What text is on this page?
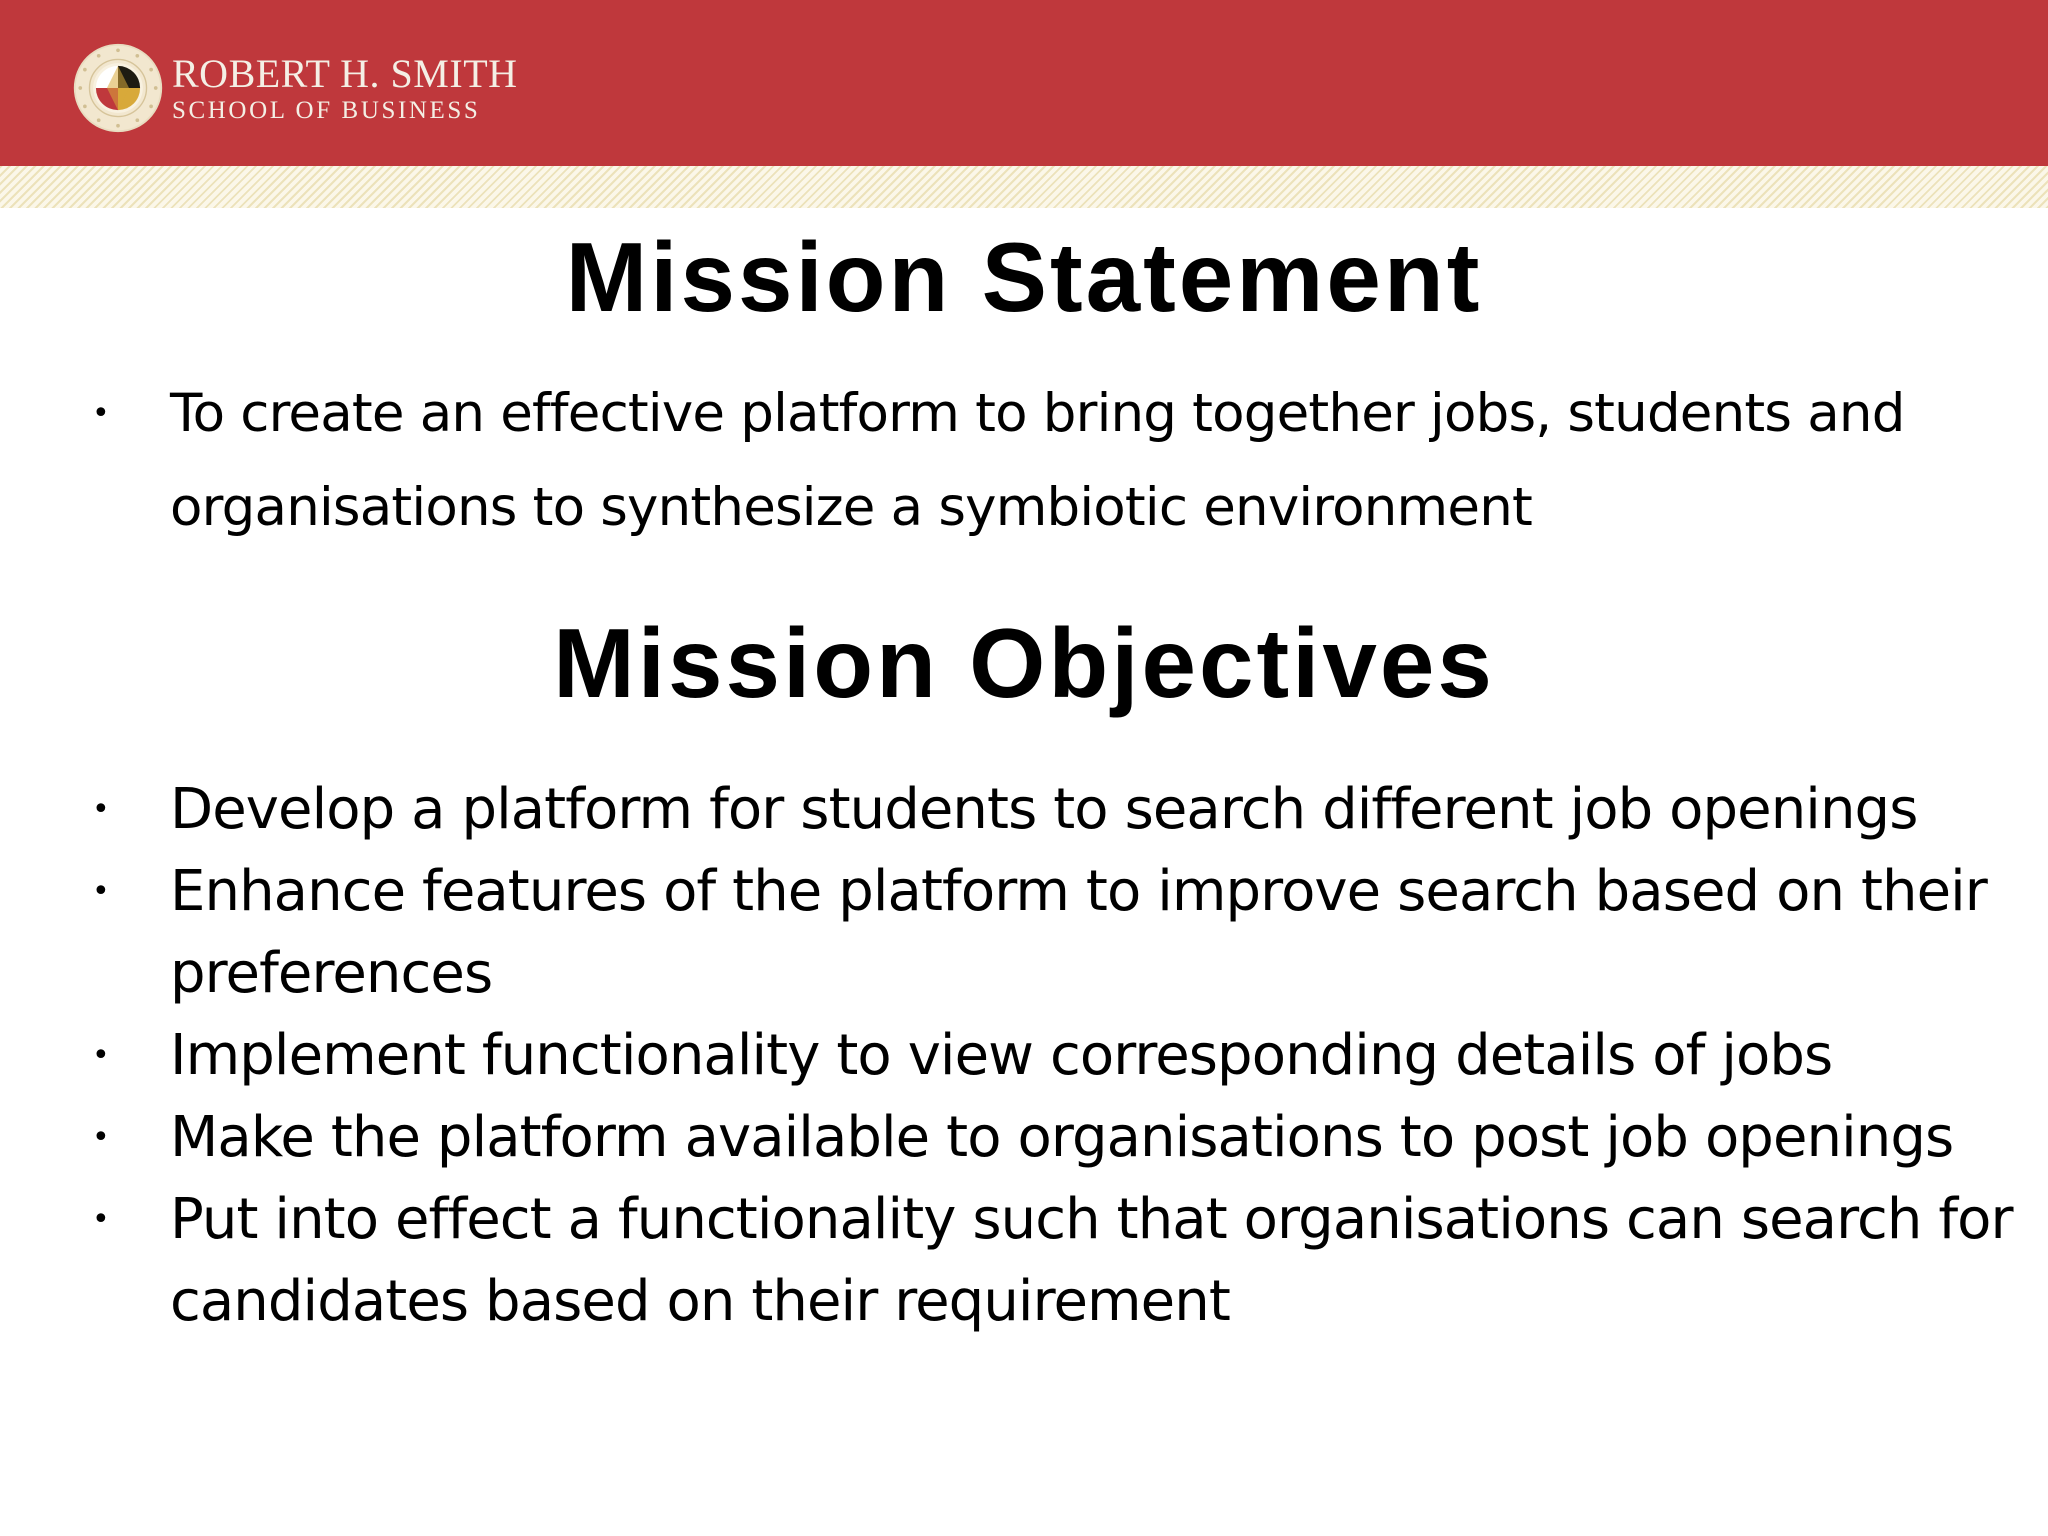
ROBERT H. SMITH
SCHOOL OF BUSINESS
Mission Statement
• To create an effective platform to bring together jobs, students and organisations to synthesize a symbiotic environment
Mission Objectives
• Develop a platform for students to search different job openings
• Enhance features of the platform to improve search based on their preferences
• Implement functionality to view corresponding details of jobs
• Make the platform available to organisations to post job openings
• Put into effect a functionality such that organisations can search for candidates based on their requirement
